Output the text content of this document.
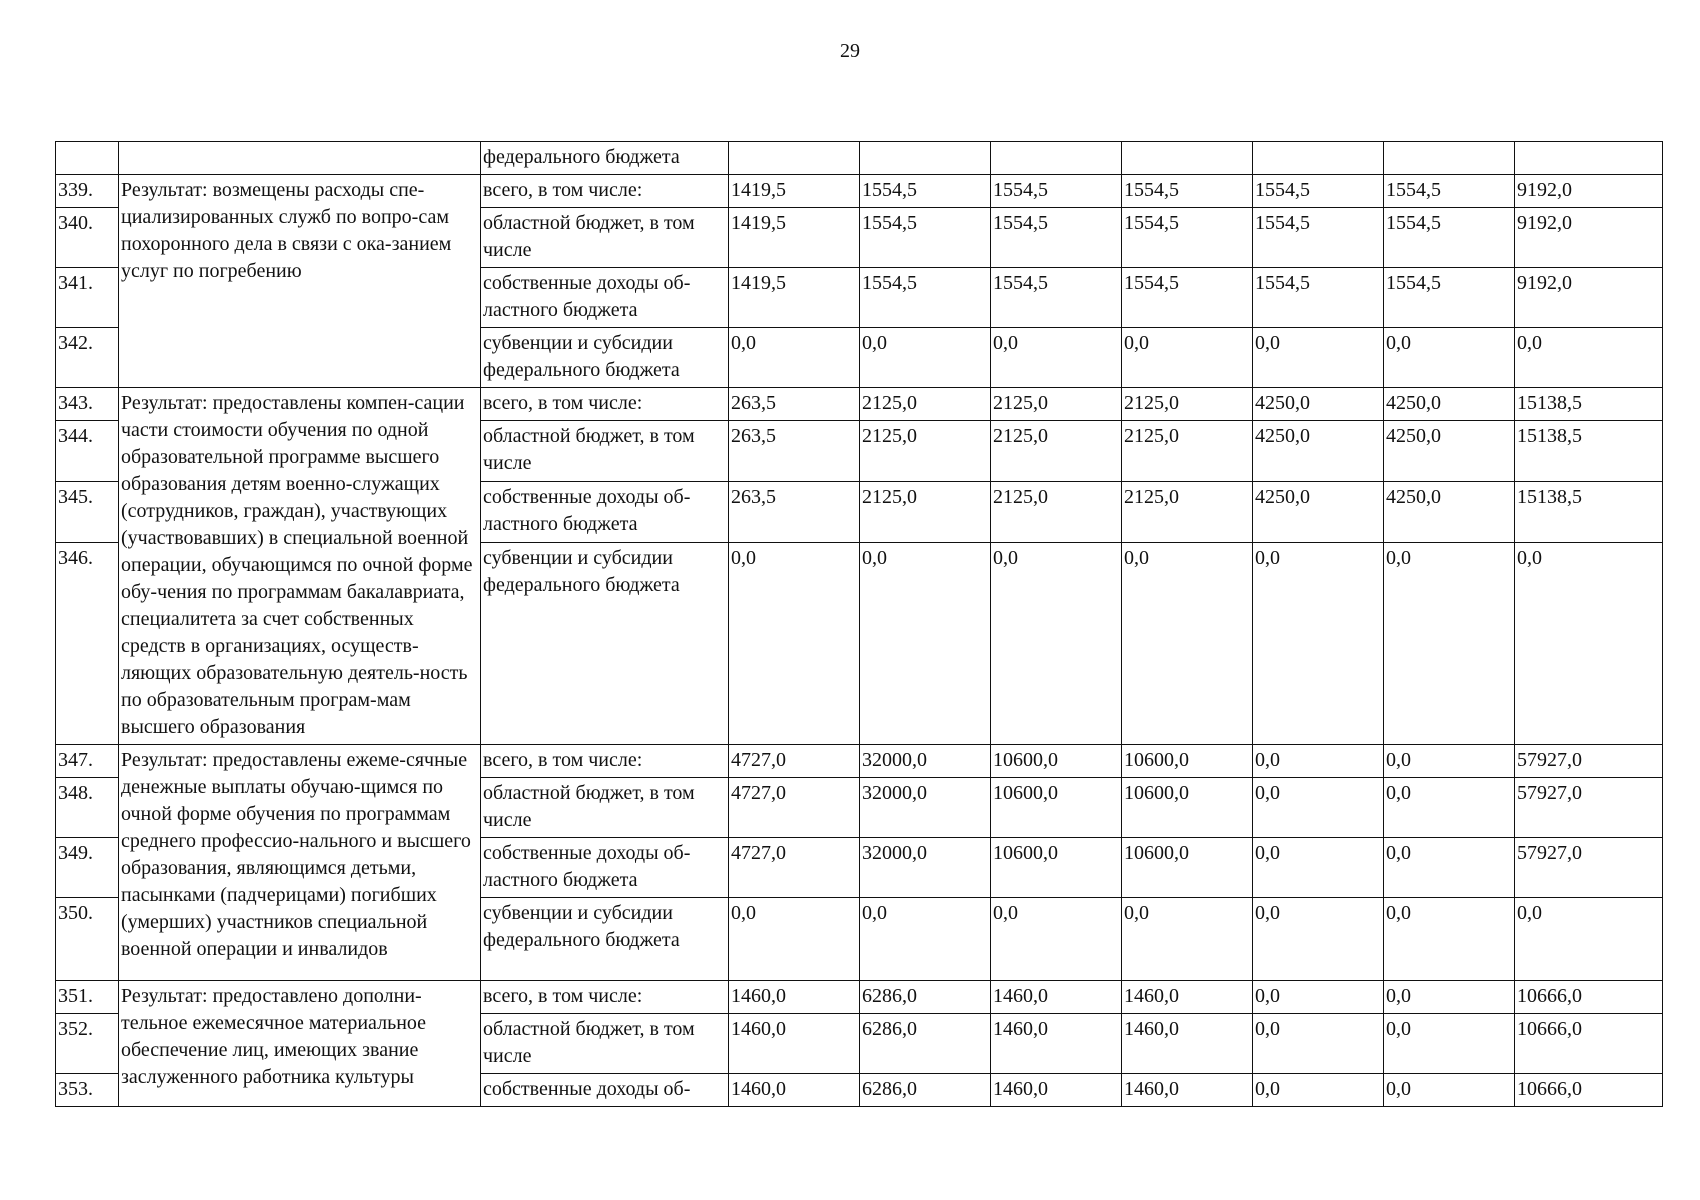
29
		федерального бюджета							
339.	Результат: возмещены расходы спе-циализированных служб по вопро-сам похоронного дела в связи с ока-занием услуг по погребению	всего, в том числе:	1419,5	1554,5	1554,5	1554,5	1554,5	1554,5	9192,0
340.		областной бюджет, в том числе	1419,5	1554,5	1554,5	1554,5	1554,5	1554,5	9192,0
341.		собственные доходы об-ластного бюджета	1419,5	1554,5	1554,5	1554,5	1554,5	1554,5	9192,0
342.		субвенции и субсидии федерального бюджета	0,0	0,0	0,0	0,0	0,0	0,0	0,0
343.	Результат: предоставлены компен-сации части стоимости обучения по одной образовательной программе высшего образования детям военно-служащих (сотрудников, граждан), участвующих (участвовавших) в специальной военной операции, обучающимся по очной форме обу-чения по программам бакалавриата, специалитета за счет собственных средств в организациях, осуществ-ляющих образовательную деятель-ность по образовательным програм-мам высшего образования	всего, в том числе:	263,5	2125,0	2125,0	2125,0	4250,0	4250,0	15138,5
344.		областной бюджет, в том числе	263,5	2125,0	2125,0	2125,0	4250,0	4250,0	15138,5
345.		собственные доходы об-ластного бюджета	263,5	2125,0	2125,0	2125,0	4250,0	4250,0	15138,5
346.		субвенции и субсидии федерального бюджета	0,0	0,0	0,0	0,0	0,0	0,0	0,0
347.	Результат: предоставлены ежеме-сячные денежные выплаты обучаю-щимся по очной форме обучения по программам среднего профессио-нального и высшего образования, являющимся детьми, пасынками (падчерицами) погибших (умерших) участников специальной военной операции и инвалидов	всего, в том числе:	4727,0	32000,0	10600,0	10600,0	0,0	0,0	57927,0
348.		областной бюджет, в том числе	4727,0	32000,0	10600,0	10600,0	0,0	0,0	57927,0
349.		собственные доходы об-ластного бюджета	4727,0	32000,0	10600,0	10600,0	0,0	0,0	57927,0
350.		субвенции и субсидии федерального бюджета	0,0	0,0	0,0	0,0	0,0	0,0	0,0
351.	Результат: предоставлено дополни-тельное ежемесячное материальное обеспечение лиц, имеющих звание заслуженного работника культуры	всего, в том числе:	1460,0	6286,0	1460,0	1460,0	0,0	0,0	10666,0
352.		областной бюджет, в том числе	1460,0	6286,0	1460,0	1460,0	0,0	0,0	10666,0
353.		собственные доходы об-	1460,0	6286,0	1460,0	1460,0	0,0	0,0	10666,0
